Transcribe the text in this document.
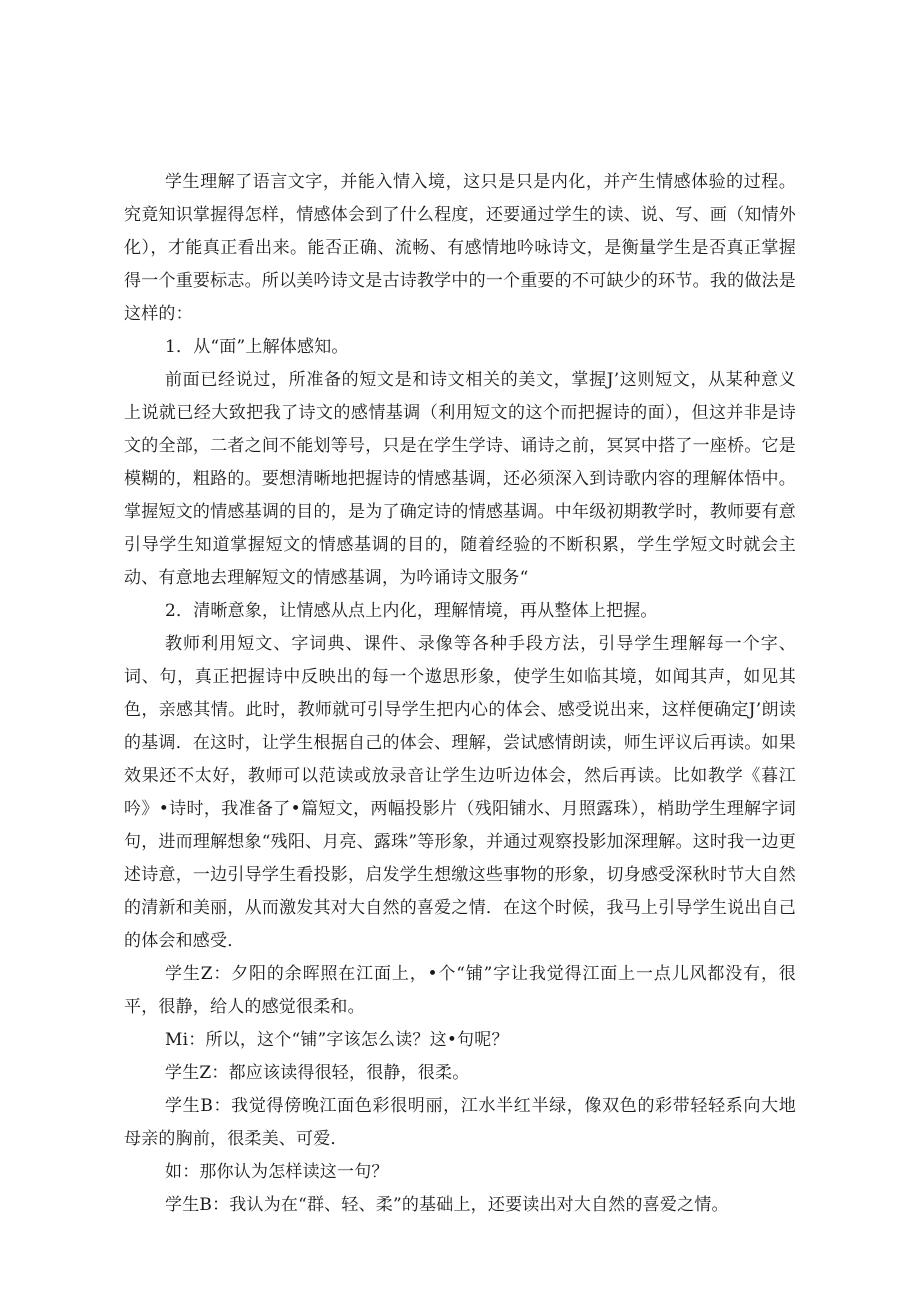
学生理解了语言文字，并能入情入境，这只是只是内化，并产生情感体验的过程。究竟知识掌握得怎样，情感体会到了什么程度，还要通过学生的读、说、写、画（知情外化），才能真正看出来。能否正确、流畅、有感情地吟咏诗文，是衡量学生是否真正掌握得一个重要标志。所以美吟诗文是古诗教学中的一个重要的不可缺少的环节。我的做法是这样的：

1．从“面”上解体感知。

前面已经说过，所准备的短文是和诗文相关的美文，掌握J’这则短文，从某种意义上说就已经大致把我了诗文的感情基调（利用短文的这个而把握诗的面），但这并非是诗文的全部，二者之间不能划等号，只是在学生学诗、诵诗之前，冥冥中搭了一座桥。它是模糊的，粗路的。要想清晰地把握诗的情感基调，还必须深入到诗歌内容的理解体悟中。掌握短文的情感基调的目的，是为了确定诗的情感基调。中年级初期教学时，教师要有意引导学生知道掌握短文的情感基调的目的，随着经验的不断积累，学生学短文时就会主动、有意地去理解短文的情感基调，为吟诵诗文服务“

2．清晰意象，让情感从点上内化，理解情境，再从整体上把握。

教师利用短文、字词典、课件、录像等各种手段方法，引导学生理解每一个字、词、句，真正把握诗中反映出的每一个遨思形象，使学生如临其境，如闻其声，如见其色，亲感其情。此时，教师就可引导学生把内心的体会、感受说出来，这样便确定J’朗读的基调．在这时，让学生根据自己的体会、理解，尝试感情朗读，师生评议后再读。如果效果还不太好，教师可以范读或放录音让学生边听边体会，然后再读。比如教学《暮江吟》•诗时，我准备了•篇短文，两幅投影片（残阳铺水、月照露珠），梢助学生理解字词句，进而理解想象“残阳、月亮、露珠”等形象，并通过观察投影加深理解。这时我一边更述诗意，一边引导学生看投影，启发学生想缴这些事物的形象，切身感受深秋时节大自然的清新和美丽，从而激发其对大自然的喜爱之情．在这个时候，我马上引导学生说出自己的体会和感受．

学生Z：夕阳的余晖照在江面上，•个“铺”字让我觉得江面上一点儿风都没有，很平，很静，给人的感觉很柔和。

Mi：所以，这个“铺”字该怎么读？这•句呢？

学生Z：都应该读得很轻，很静，很柔。

学生B：我觉得傍晚江面色彩很明丽，江水半红半绿，像双色的彩带轻轻系向大地母亲的胸前，很柔美、可爱．

如：那你认为怎样读这一句？

学生B：我认为在“群、轻、柔”的基础上，还要读出对大自然的喜爱之情。
